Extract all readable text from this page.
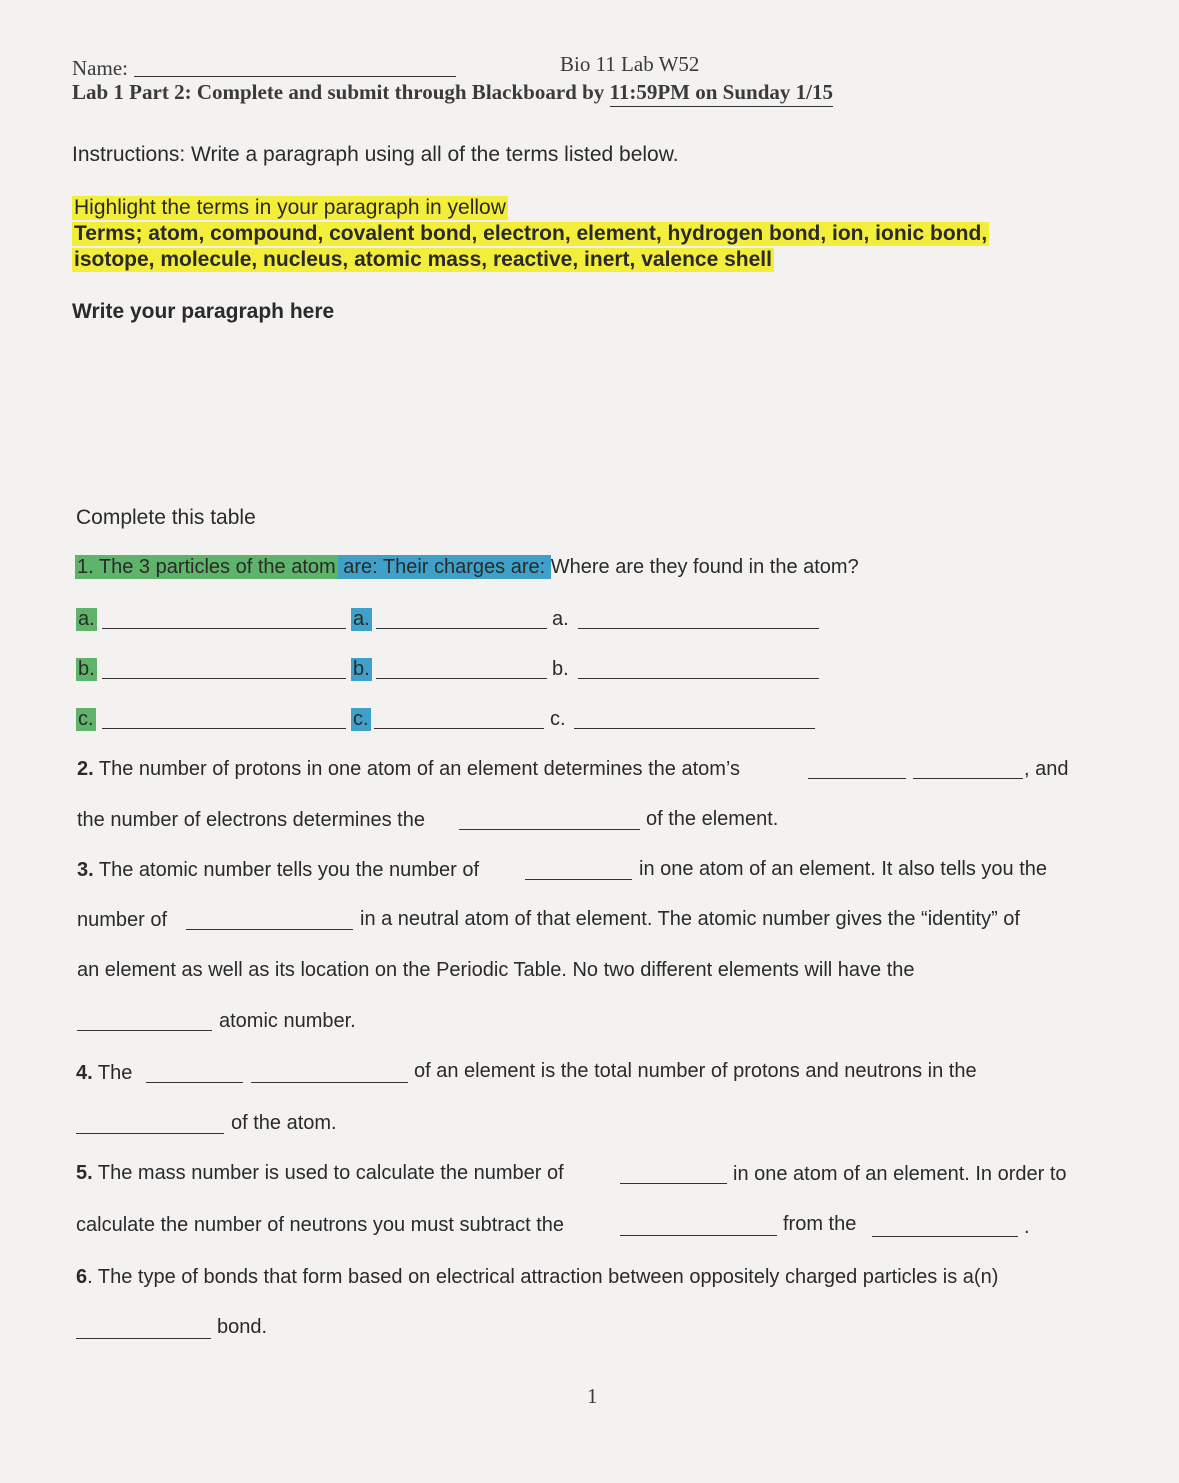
Name:	Bio 11 Lab W52
Lab 1 Part 2: Complete and submit through Blackboard by 11:59PM on Sunday 1/15
Instructions: Write a paragraph using all of the terms listed below.
Highlight the terms in your paragraph in yellow
Terms; atom, compound, covalent bond, electron, element, hydrogen bond, ion, ionic bond,
isotope, molecule, nucleus, atomic mass, reactive, inert, valence shell
Write your paragraph here
Complete this table
1. The 3 particles of the atom are: Their charges are: Where are they found in the atom?
a.	a.	a.
b.	b.	b.
c.	c.	c.
2. The number of protons in one atom of an element determines the atom’s	, and
the number of electrons determines the	of the element.
3. The atomic number tells you the number of	in one atom of an element. It also tells you the
number of	in a neutral atom of that element. The atomic number gives the “identity” of
an element as well as its location on the Periodic Table. No two different elements will have the
atomic number.
4. The	of an element is the total number of protons and neutrons in the
of the atom.
5. The mass number is used to calculate the number of	in one atom of an element. In order to
calculate the number of neutrons you must subtract the	from the	.
6. The type of bonds that form based on electrical attraction between oppositely charged particles is a(n)
bond.
1
